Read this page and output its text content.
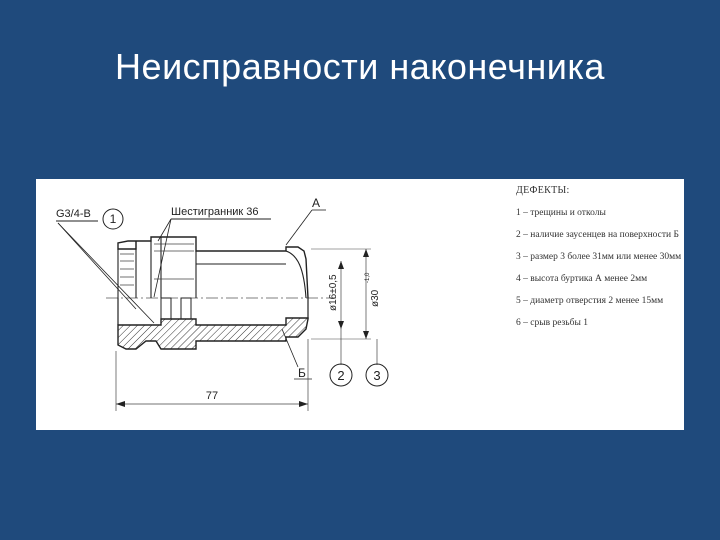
Неисправности наконечника
G3/4-B 1	Шестигранник 36
А
Б
ø16±0,5	ø30
-1,0
2 3
77
ДЕФЕКТЫ:
1 – трещины и отколы
2 – наличие заусенцев на поверхности Б
3 – размер 3 более 31мм или менее 30мм
4 – высота буртика А менее 2мм
5 – диаметр отверстия 2 менее 15мм
6 – срыв резьбы 1
